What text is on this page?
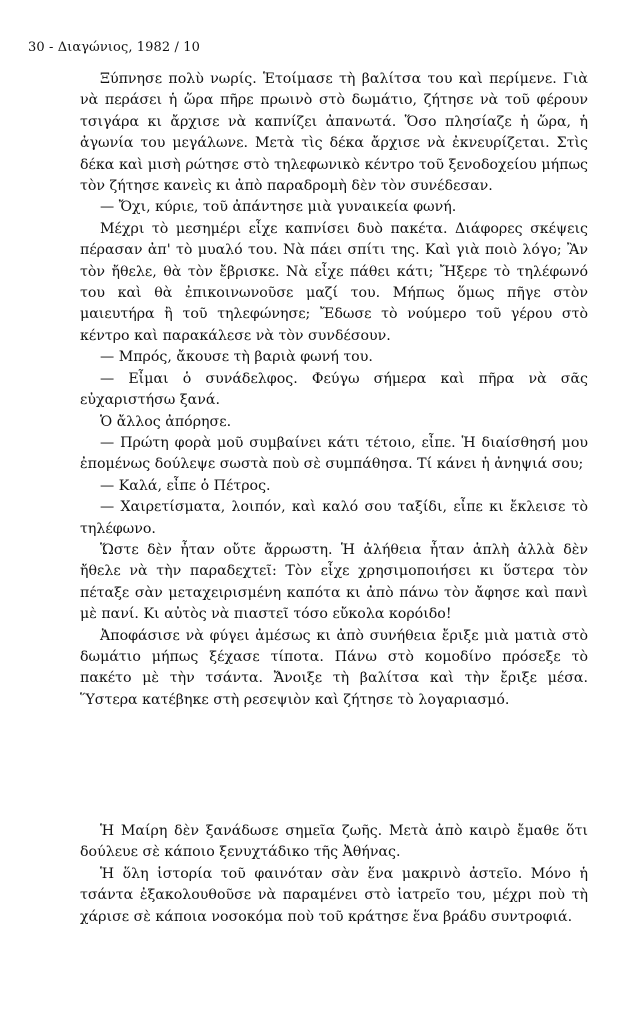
30 - Διαγώνιος, 1982 / 10

Ξύπνησε πολὺ νωρίς. Ἑτοίμασε τὴ βαλίτσα του καὶ περίμενε. Γιὰ νὰ περάσει ἡ ὥρα πῆρε πρωινὸ στὸ δωμάτιο, ζήτησε νὰ τοῦ φέρουν τσιγάρα κι ἄρχισε νὰ καπνίζει ἀπανωτά. Ὅσο πλησίαζε ἡ ὥρα, ἡ ἀγωνία του μεγάλωνε. Μετὰ τὶς δέκα ἄρχισε νὰ ἐκνευρίζεται. Στὶς δέκα καὶ μισὴ ρώτησε στὸ τηλεφωνικὸ κέντρο τοῦ ξενοδοχείου μήπως τὸν ζήτησε κανεὶς κι ἀπὸ παραδρομὴ δὲν τὸν συνέδεσαν.

— Ὄχι, κύριε, τοῦ ἀπάντησε μιὰ γυναικεία φωνή.

Μέχρι τὸ μεσημέρι εἶχε καπνίσει δυὸ πακέτα. Διάφορες σκέψεις πέρασαν ἀπ' τὸ μυαλό του. Νὰ πάει σπίτι της. Καὶ γιὰ ποιὸ λόγο; Ἂν τὸν ἤθελε, θὰ τὸν ἔβρισκε. Νὰ εἶχε πάθει κάτι; Ἤξερε τὸ τηλέφωνό του καὶ θὰ ἐπικοινωνοῦσε μαζί του. Μήπως ὅμως πῆγε στὸν μαιευτήρα ἢ τοῦ τηλεφώνησε; Ἔδωσε τὸ νούμερο τοῦ γέρου στὸ κέντρο καὶ παρακάλεσε νὰ τὸν συνδέσουν.

— Μπρός, ἄκουσε τὴ βαριὰ φωνή του.

— Εἶμαι ὁ συνάδελφος. Φεύγω σήμερα καὶ πῆρα νὰ σᾶς εὐχαριστήσω ξανά.

Ὁ ἄλλος ἀπόρησε.

— Πρώτη φορὰ μοῦ συμβαίνει κάτι τέτοιο, εἶπε. Ἡ διαίσθησή μου ἐπομένως δούλεψε σωστὰ ποὺ σὲ συμπάθησα. Τί κάνει ἡ ἀνηψιά σου;

— Καλά, εἶπε ὁ Πέτρος.

— Χαιρετίσματα, λοιπόν, καὶ καλό σου ταξίδι, εἶπε κι ἔκλεισε τὸ τηλέφωνο.

Ὥστε δὲν ἦταν οὔτε ἄρρωστη. Ἡ ἀλήθεια ἦταν ἁπλὴ ἀλλὰ δὲν ἤθελε νὰ τὴν παραδεχτεῖ: Τὸν εἶχε χρησιμοποιήσει κι ὕστερα τὸν πέταξε σὰν μεταχειρισμένη καπότα κι ἀπὸ πάνω τὸν ἄφησε καὶ πανὶ μὲ πανί. Κι αὐτὸς νὰ πιαστεῖ τόσο εὔκολα κορόιδο!

Ἀποφάσισε νὰ φύγει ἀμέσως κι ἀπὸ συνήθεια ἔριξε μιὰ ματιὰ στὸ δωμάτιο μήπως ξέχασε τίποτα. Πάνω στὸ κομοδίνο πρόσεξε τὸ πακέτο μὲ τὴν τσάντα. Ἄνοιξε τὴ βαλίτσα καὶ τὴν ἔριξε μέσα. Ὕστερα κατέβηκε στὴ ρεσεψιὸν καὶ ζήτησε τὸ λογαριασμό.

Ἡ Μαίρη δὲν ξανάδωσε σημεῖα ζωῆς. Μετὰ ἀπὸ καιρὸ ἔμαθε ὅτι δούλευε σὲ κάποιο ξενυχτάδικο τῆς Ἀθήνας.

Ἡ ὅλη ἱστορία τοῦ φαινόταν σὰν ἕνα μακρινὸ ἀστεῖο. Μόνο ἡ τσάντα ἐξακολουθοῦσε νὰ παραμένει στὸ ἰατρεῖο του, μέχρι ποὺ τὴ χάρισε σὲ κάποια νοσοκόμα ποὺ τοῦ κράτησε ἕνα βράδυ συντροφιά.
